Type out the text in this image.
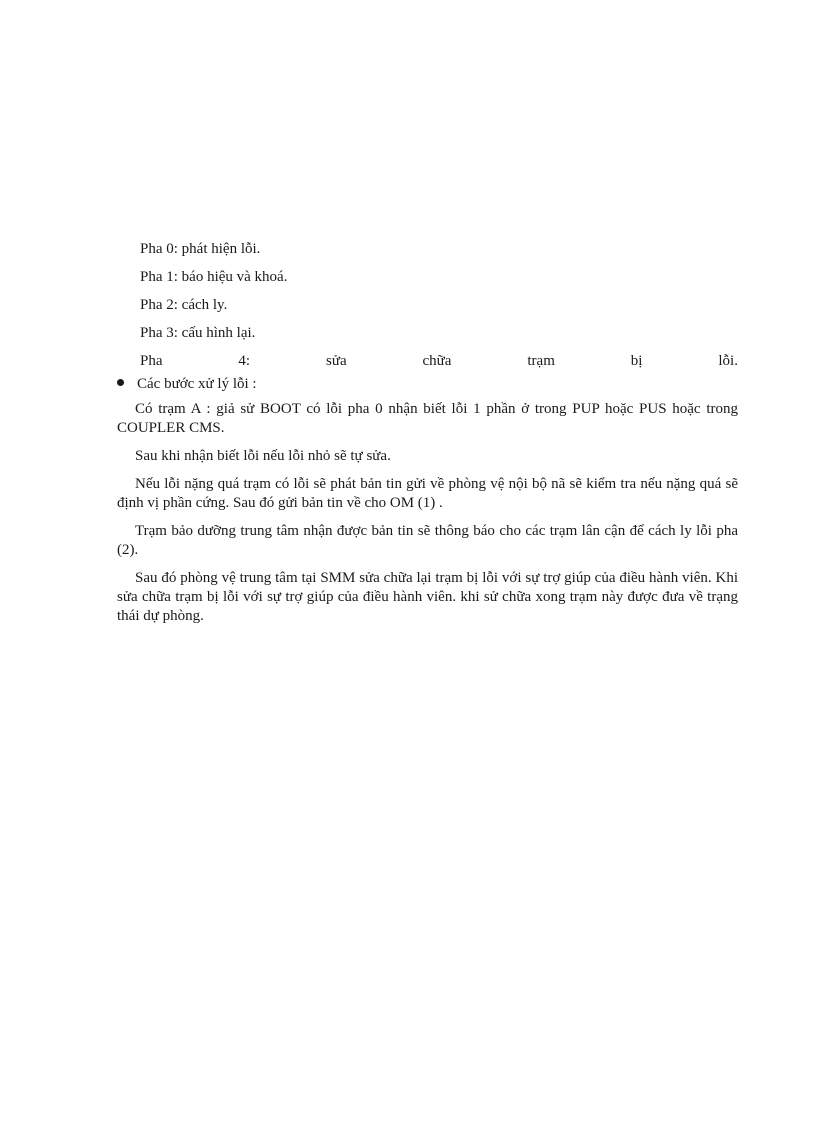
Pha 0: phát hiện lỗi.

Pha 1: báo hiệu và khoá.

Pha 2: cách ly.

Pha 3: cấu hình lại.

Pha	4:	sửa	chữa	trạm	bị	lỗi.
Các bước xử lý lỗi :

Có trạm A : giả sử BOOT có lỗi pha 0 nhận biết lỗi 1 phần ở trong PUP hoặc PUS hoặc trong COUPLER CMS.

Sau khi nhận biết lỗi nếu lỗi nhỏ sẽ tự sửa.

Nếu lỗi nặng quá trạm có lỗi sẽ phát bản tin gửi về phòng vệ nội bộ nã sẽ kiểm tra nếu nặng quá sẽ định vị phần cứng. Sau đó gửi bản tin về cho OM (1) .

Trạm bảo dưỡng trung tâm nhận được bản tin sẽ thông báo cho các trạm lân cận để cách ly lỗi pha (2).

Sau đó phòng vệ trung tâm tại SMM sửa chữa lại trạm bị lỗi với sự trợ giúp của điều hành viên. Khi sửa chữa trạm bị lỗi với sự trợ giúp của điều hành viên. khi sử chữa xong trạm này được đưa về trạng thái dự phòng.
